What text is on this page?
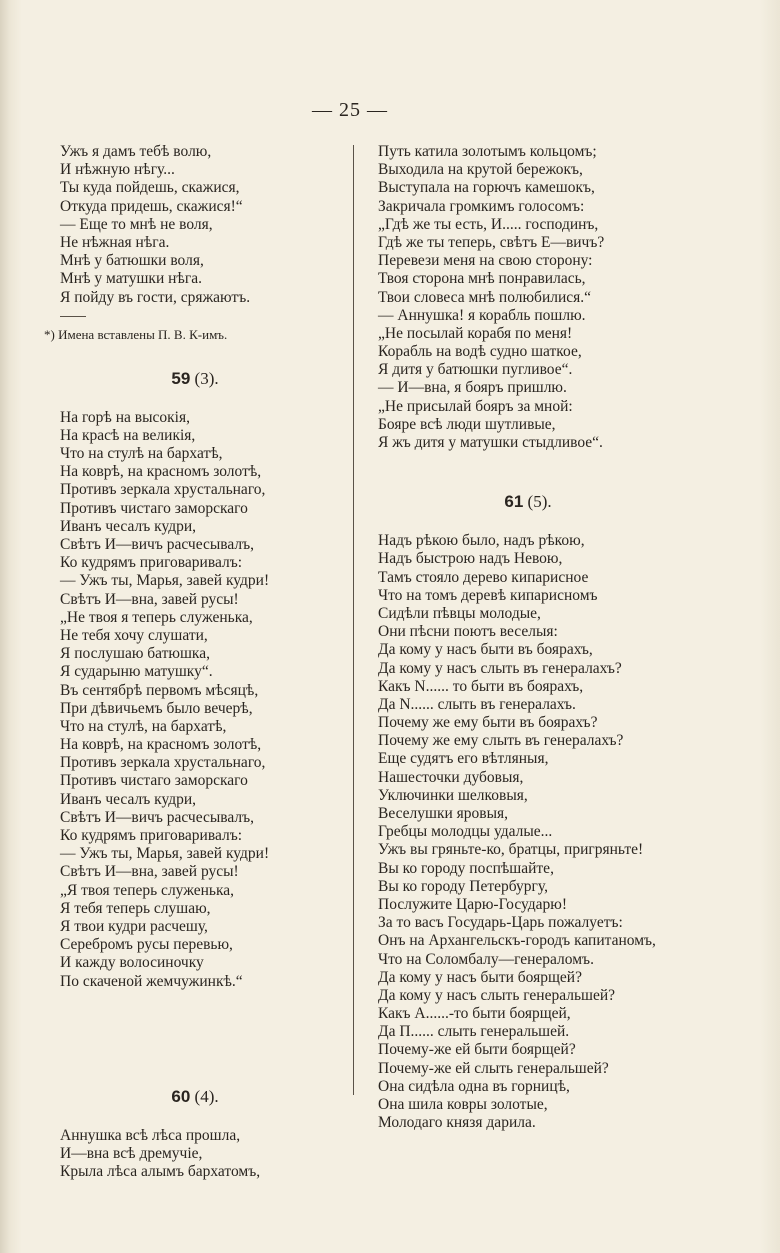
— 25 —
Ужъ я дамъ тебѣ волю,
И нѣжную нѣгу...
Ты куда пойдешь, скажися,
Откуда придешь, скажися!“
— Еще то мнѣ не воля,
Не нѣжная нѣга.
Мнѣ у батюшки воля,
Мнѣ у матушки нѣга.
Я пойду въ гости, сряжаютъ.
*) Имена вставлены П. В. К-имъ.
59 (3).
На горѣ на высокія,
На красѣ на великія,
Что на стулѣ на бархатѣ,
На коврѣ, на красномъ золотѣ,
Противъ зеркала хрустальнаго,
Противъ чистаго заморскаго
Иванъ чесалъ кудри,
Свѣтъ И—вичъ расчесывалъ,
Ко кудрямъ приговаривалъ:
— Ужъ ты, Марья, завей кудри!
Свѣтъ И—вна, завей русы!
„Не твоя я теперь служенька,
Не тебя хочу слушати,
Я послушаю батюшка,
Я сударыню матушку“.
Въ сентябрѣ первомъ мѣсяцѣ,
При дѣвичьемъ было вечерѣ,
Что на стулѣ, на бархатѣ,
На коврѣ, на красномъ золотѣ,
Противъ зеркала хрустальнаго,
Противъ чистаго заморскаго
Иванъ чесалъ кудри,
Свѣтъ И—вичъ расчесывалъ,
Ко кудрямъ приговаривалъ:
— Ужъ ты, Марья, завей кудри!
Свѣтъ И—вна, завей русы!
„Я твоя теперь служенька,
Я тебя теперь слушаю,
Я твои кудри расчешу,
Серебромъ русы перевью,
И кажду волосиночку
По скаченой жемчужинкѣ.“
60 (4).
Аннушка всѣ лѣса прошла,
И—вна всѣ дремучіе,
Крыла лѣса алымъ бархатомъ,
Путь катила золотымъ кольцомъ;
Выходила на крутой бережокъ,
Выступала на горючъ камешокъ,
Закричала громкимъ голосомъ:
„Гдѣ же ты есть, И..... господинъ,
Гдѣ же ты теперь, свѣтъ Е—вичъ?
Перевези меня на свою сторону:
Твоя сторона мнѣ понравилась,
Твои словеса мнѣ полюбилися.“
— Аннушка! я корабль пошлю.
„Не посылай корабя по меня!
Корабль на водѣ судно шаткое,
Я дитя у батюшки пугливое“.
— И—вна, я бояръ пришлю.
„Не присылай бояръ за мной:
Бояре всѣ люди шутливые,
Я жъ дитя у матушки стыдливое“.
61 (5).
Надъ рѣкою было, надъ рѣкою,
Надъ быстрою надъ Невою,
Тамъ стояло дерево кипарисное
Что на томъ деревѣ кипарисномъ
Сидѣли пѣвцы молодые,
Они пѣсни поютъ веселыя:
Да кому у насъ быти въ боярахъ,
Да кому у насъ слыть въ генералахъ?
Какъ N...... то быти въ боярахъ,
Да N...... слыть въ генералахъ.
Почему же ему быти въ боярахъ?
Почему же ему слыть въ генералахъ?
Еще судятъ его вѣтляныя,
Нашесточки дубовыя,
Уключинки шелковыя,
Веселушки яровыя,
Гребцы молодцы удалые...
Ужъ вы гряньте-ко, братцы, пригряньте!
Вы ко городу поспѣшайте,
Вы ко городу Петербургу,
Послужите Царю-Государю!
За то васъ Государь-Царь пожалуетъ:
Онъ на Архангельскъ-городъ капитаномъ,
Что на Соломбалу—генераломъ.
Да кому у насъ быти боярщей?
Да кому у насъ слыть генеральшей?
Какъ А......-то быти боярщей,
Да П...... слыть генеральшей.
Почему-же ей быти боярщей?
Почему-же ей слыть генеральшей?
Она сидѣла одна въ горницѣ,
Она шила ковры золотые,
Молодаго князя дарила.
